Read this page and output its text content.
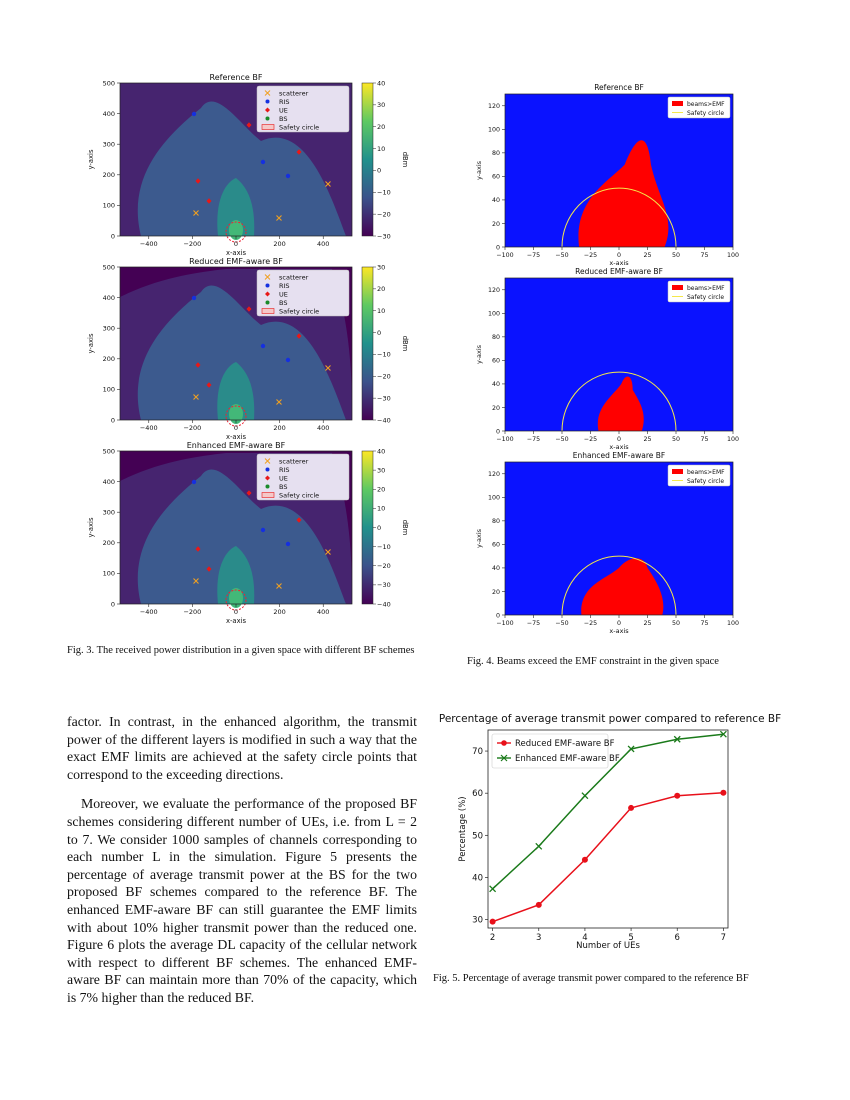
Reference BF
−400	−200	0	200	400
0
100
200
300
400
500
x-axis
y-axis
scatterer
RIS
UE
BS
Safety circle
40
30
20
10
0
−10
−20
−30
dBm
Reduced EMF-aware BF
−400	−200	0	200	400
0
100
200
300
400
500
x-axis
y-axis
scatterer
RIS
UE
BS
Safety circle
30
20
10
0
−10
−20
−30
−40
dBm
Enhanced EMF-aware BF
−400	−200	0	200	400
0
100
200
300
400
500
x-axis
y-axis
scatterer
RIS
UE
BS
Safety circle
40
30
20
10
0
−10
−20
−30
−40
dBm
Fig. 3. The received power distribution in a given space with different BF schemes
Reference BF
−100 −75 −50 −25	0	25	50	75	100
0
20
40
60
80
100
120
x-axis
y-axis
beams>EMF
Safety circle
Reduced EMF-aware BF
−100 −75 −50 −25	0	25	50	75	100
0
20
40
60
80
100
120
x-axis
y-axis
beams>EMF
Safety circle
Enhanced EMF-aware BF
−100 −75 −50 −25	0	25	50	75	100
0
20
40
60
80
100
120
x-axis
y-axis
beams>EMF
Safety circle
Fig. 4. Beams exceed the EMF constraint in the given space

factor. In contrast, in the enhanced algorithm, the transmit power of the different layers is modified in such a way that the exact EMF limits are achieved at the safety circle points that correspond to the exceeding directions.

Moreover, we evaluate the performance of the proposed BF schemes considering different number of UEs, i.e. from L = 2 to 7. We consider 1000 samples of channels corresponding to each number L in the simulation. Figure 5 presents the percentage of average transmit power at the BS for the two proposed BF schemes compared to the reference BF. The enhanced EMF-aware BF can still guarantee the EMF limits with about 10% higher transmit power than the reduced one. Figure 6 plots the average DL capacity of the cellular network with respect to different BF schemes. The enhanced EMF-aware BF can maintain more than 70% of the capacity, which is 7% higher than the reduced BF.

Percentage of average transmit power compared to reference BF
2	3	4	5	6	7
30
40
50
60
70
Reduced EMF-aware BF
Enhanced EMF-aware BF
Number of UEs
Percentage (%)
Fig. 5. Percentage of average transmit power compared to the reference BF
